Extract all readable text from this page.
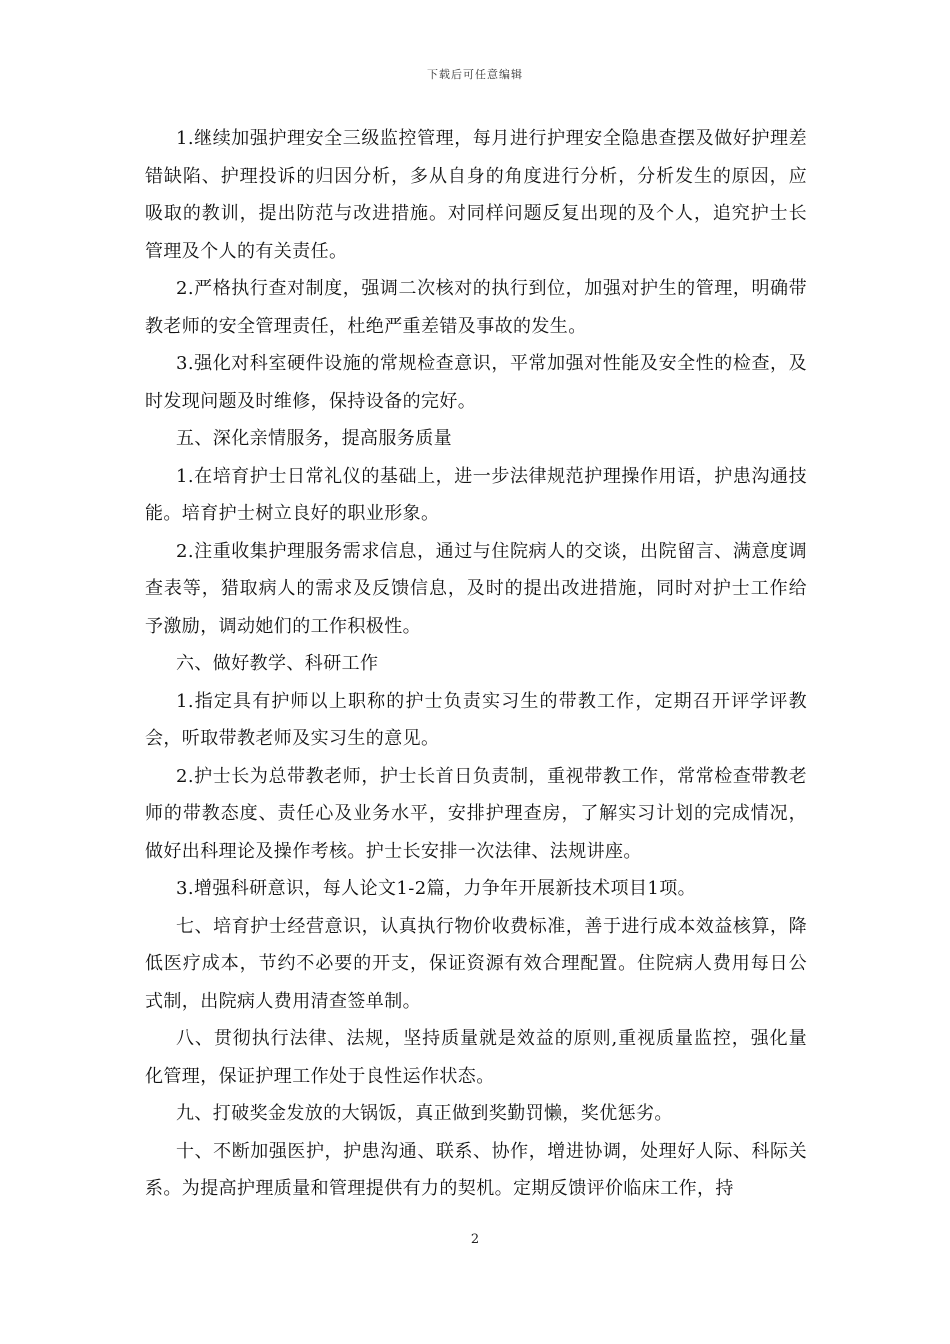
下载后可任意编辑

1.继续加强护理安全三级监控管理，每月进行护理安全隐患查摆及做好护理差错缺陷、护理投诉的归因分析，多从自身的角度进行分析，分析发生的原因，应吸取的教训，提出防范与改进措施。对同样问题反复出现的及个人，追究护士长管理及个人的有关责任。

2.严格执行查对制度，强调二次核对的执行到位，加强对护生的管理，明确带教老师的安全管理责任，杜绝严重差错及事故的发生。

3.强化对科室硬件设施的常规检查意识，平常加强对性能及安全性的检查，及时发现问题及时维修，保持设备的完好。

五、深化亲情服务，提高服务质量

1.在培育护士日常礼仪的基础上，进一步法律规范护理操作用语，护患沟通技能。培育护士树立良好的职业形象。

2.注重收集护理服务需求信息，通过与住院病人的交谈，出院留言、满意度调查表等，猎取病人的需求及反馈信息，及时的提出改进措施，同时对护士工作给予激励，调动她们的工作积极性。

六、做好教学、科研工作

1.指定具有护师以上职称的护士负责实习生的带教工作，定期召开评学评教会，听取带教老师及实习生的意见。

2.护士长为总带教老师，护士长首日负责制，重视带教工作，常常检查带教老师的带教态度、责任心及业务水平，安排护理查房，了解实习计划的完成情况，做好出科理论及操作考核。护士长安排一次法律、法规讲座。

3.增强科研意识，每人论文1-2篇，力争年开展新技术项目1项。

七、培育护士经营意识，认真执行物价收费标准，善于进行成本效益核算，降低医疗成本，节约不必要的开支，保证资源有效合理配置。住院病人费用每日公式制，出院病人费用清查签单制。

八、贯彻执行法律、法规，坚持质量就是效益的原则,重视质量监控，强化量化管理，保证护理工作处于良性运作状态。

九、打破奖金发放的大锅饭，真正做到奖勤罚懒，奖优惩劣。

十、不断加强医护，护患沟通、联系、协作，增进协调，处理好人际、科际关系。为提高护理质量和管理提供有力的契机。定期反馈评价临床工作，持

2
